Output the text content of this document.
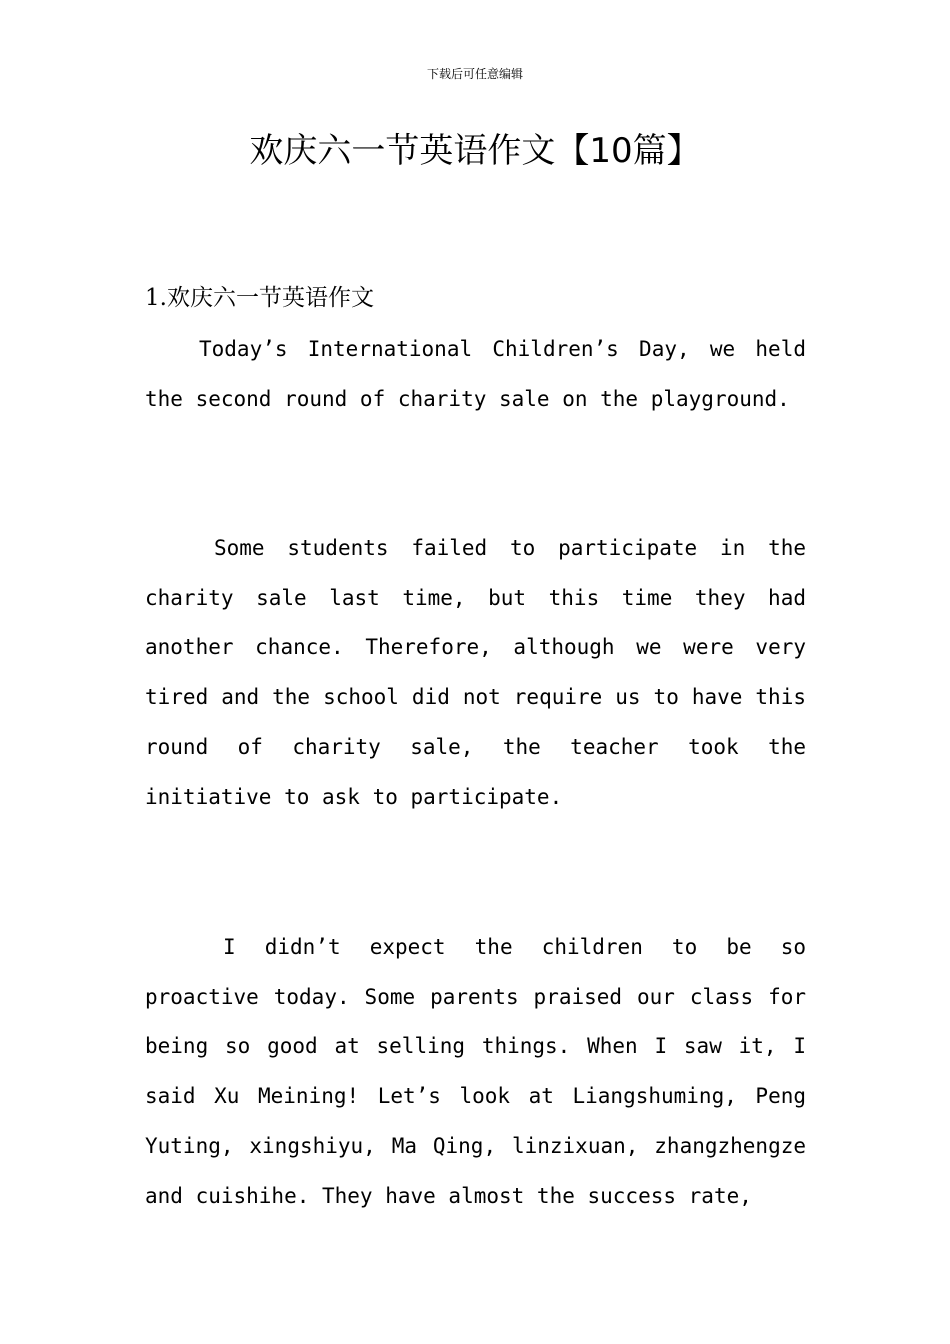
下载后可任意编辑
欢庆六一节英语作文【10篇】
1.欢庆六一节英语作文

Today’s International Children’s Day, we held the second round of charity sale on the playground.

Some students failed to participate in the charity sale last time, but this time they had another chance. Therefore, although we were very tired and the school did not require us to have this round of charity sale, the teacher took the initiative to ask to participate.

I didn’t expect the children to be so proactive today. Some parents praised our class for being so good at selling things. When I saw it, I said Xu Meining! Let’s look at Liangshuming, Peng Yuting, xingshiyu, Ma Qing, linzixuan, zhangzhengze and cuishihe. They have almost the success rate,
